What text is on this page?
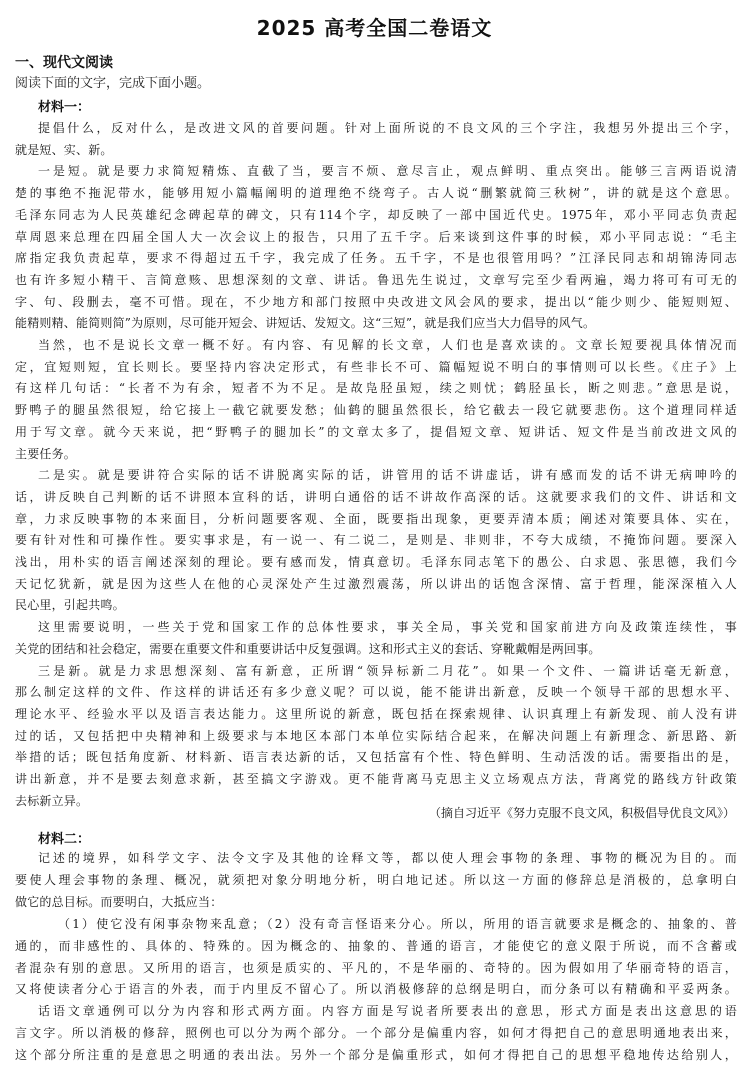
2025 高考全国二卷语文
一、现代文阅读
阅读下面的文字，完成下面小题。
材料一：
提倡什么，反对什么，是改进文风的首要问题。针对上面所说的不良文风的三个字注，我想另外提出三个字，
就是短、实、新。
一是短。就是要力求简短精炼、直截了当，要言不烦、意尽言止，观点鲜明、重点突出。能够三言两语说清
楚的事绝不拖泥带水，能够用短小篇幅阐明的道理绝不绕弯子。古人说“删繁就简三秋树”，讲的就是这个意思。
毛泽东同志为人民英雄纪念碑起草的碑文，只有114个字，却反映了一部中国近代史。1975年，邓小平同志负责起
草周恩来总理在四届全国人大一次会议上的报告，只用了五千字。后来谈到这件事的时候，邓小平同志说：“毛主
席指定我负责起草，要求不得超过五千字，我完成了任务。五千字，不是也很管用吗？”江泽民同志和胡锦涛同志
也有许多短小精干、言简意赅、思想深刻的文章、讲话。鲁迅先生说过，文章写完至少看两遍，竭力将可有可无的
字、句、段删去，毫不可惜。现在，不少地方和部门按照中央改进文风会风的要求，提出以“能少则少、能短则短、
能精则精、能简则简”为原则，尽可能开短会、讲短话、发短文。这“三短”，就是我们应当大力倡导的风气。
当然，也不是说长文章一概不好。有内容、有见解的长文章，人们也是喜欢读的。文章长短要视具体情况而
定，宜短则短，宜长则长。要坚持内容决定形式，有些非长不可、篇幅短说不明白的事情则可以长些。《庄子》上
有这样几句话：“长者不为有余，短者不为不足。是故凫胫虽短，续之则忧；鹤胫虽长，断之则悲。”意思是说，
野鸭子的腿虽然很短，给它接上一截它就要发愁；仙鹤的腿虽然很长，给它截去一段它就要悲伤。这个道理同样适
用于写文章。就今天来说，把“野鸭子的腿加长”的文章太多了，提倡短文章、短讲话、短文件是当前改进文风的
主要任务。
二是实。就是要讲符合实际的话不讲脱离实际的话，讲管用的话不讲虚话，讲有感而发的话不讲无病呻吟的
话，讲反映自己判断的话不讲照本宣科的话，讲明白通俗的话不讲故作高深的话。这就要求我们的文件、讲话和文
章，力求反映事物的本来面目，分析问题要客观、全面，既要指出现象，更要弄清本质；阐述对策要具体、实在，
要有针对性和可操作性。要实事求是，有一说一、有二说二，是则是、非则非，不夸大成绩，不掩饰问题。要深入
浅出，用朴实的语言阐述深刻的理论。要有感而发，情真意切。毛泽东同志笔下的愚公、白求恩、张思德，我们今
天记忆犹新，就是因为这些人在他的心灵深处产生过激烈震荡，所以讲出的话饱含深情、富于哲理，能深深植入人
民心里，引起共鸣。
这里需要说明，一些关于党和国家工作的总体性要求，事关全局，事关党和国家前进方向及政策连续性，事
关党的团结和社会稳定，需要在重要文件和重要讲话中反复强调。这和形式主义的套话、穿靴戴帽是两回事。
三是新。就是力求思想深刻、富有新意，正所谓“领异标新二月花”。如果一个文件、一篇讲话毫无新意，
那么制定这样的文件、作这样的讲话还有多少意义呢？可以说，能不能讲出新意，反映一个领导干部的思想水平、
理论水平、经验水平以及语言表达能力。这里所说的新意，既包括在探索规律、认识真理上有新发现、前人没有讲
过的话，又包括把中央精神和上级要求与本地区本部门本单位实际结合起来，在解决问题上有新理念、新思路、新
举措的话；既包括角度新、材料新、语言表达新的话，又包括富有个性、特色鲜明、生动活泼的话。需要指出的是，
讲出新意，并不是要去刻意求新，甚至搞文字游戏。更不能背离马克思主义立场观点方法，背离党的路线方针政策
去标新立异。
（摘自习近平《努力克服不良文风，积极倡导优良文风》）
材料二：
记述的境界，如科学文字、法令文字及其他的诠释文等，都以使人理会事物的条理、事物的概况为目的。而
要使人理会事物的条理、概况，就须把对象分明地分析，明白地记述。所以这一方面的修辞总是消极的，总拿明白
做它的总目标。而要明白，大抵应当：
（1）使它没有闲事杂物来乱意；（2）没有奇言怪语来分心。所以，所用的语言就要求是概念的、抽象的、普
通的，而非感性的、具体的、特殊的。因为概念的、抽象的、普通的语言，才能使它的意义限于所说，而不含蓄或
者混杂有别的意思。又所用的语言，也须是质实的、平凡的，不是华丽的、奇特的。因为假如用了华丽奇特的语言，
又将使读者分心于语言的外表，而于内里反不留心了。所以消极修辞的总纲是明白，而分条可以有精确和平妥两条。
话语文章通例可以分为内容和形式两方面。内容方面是写说者所要表出的意思，形式方面是表出这意思的语
言文字。所以消极的修辞，照例也可以分为两个部分。一个部分是偏重内容，如何才得把自己的意思明通地表出来，
这个部分所注重的是意思之明通的表出法。另外一个部分是偏重形式，如何才得把自己的思想平稳地传达给别人，
